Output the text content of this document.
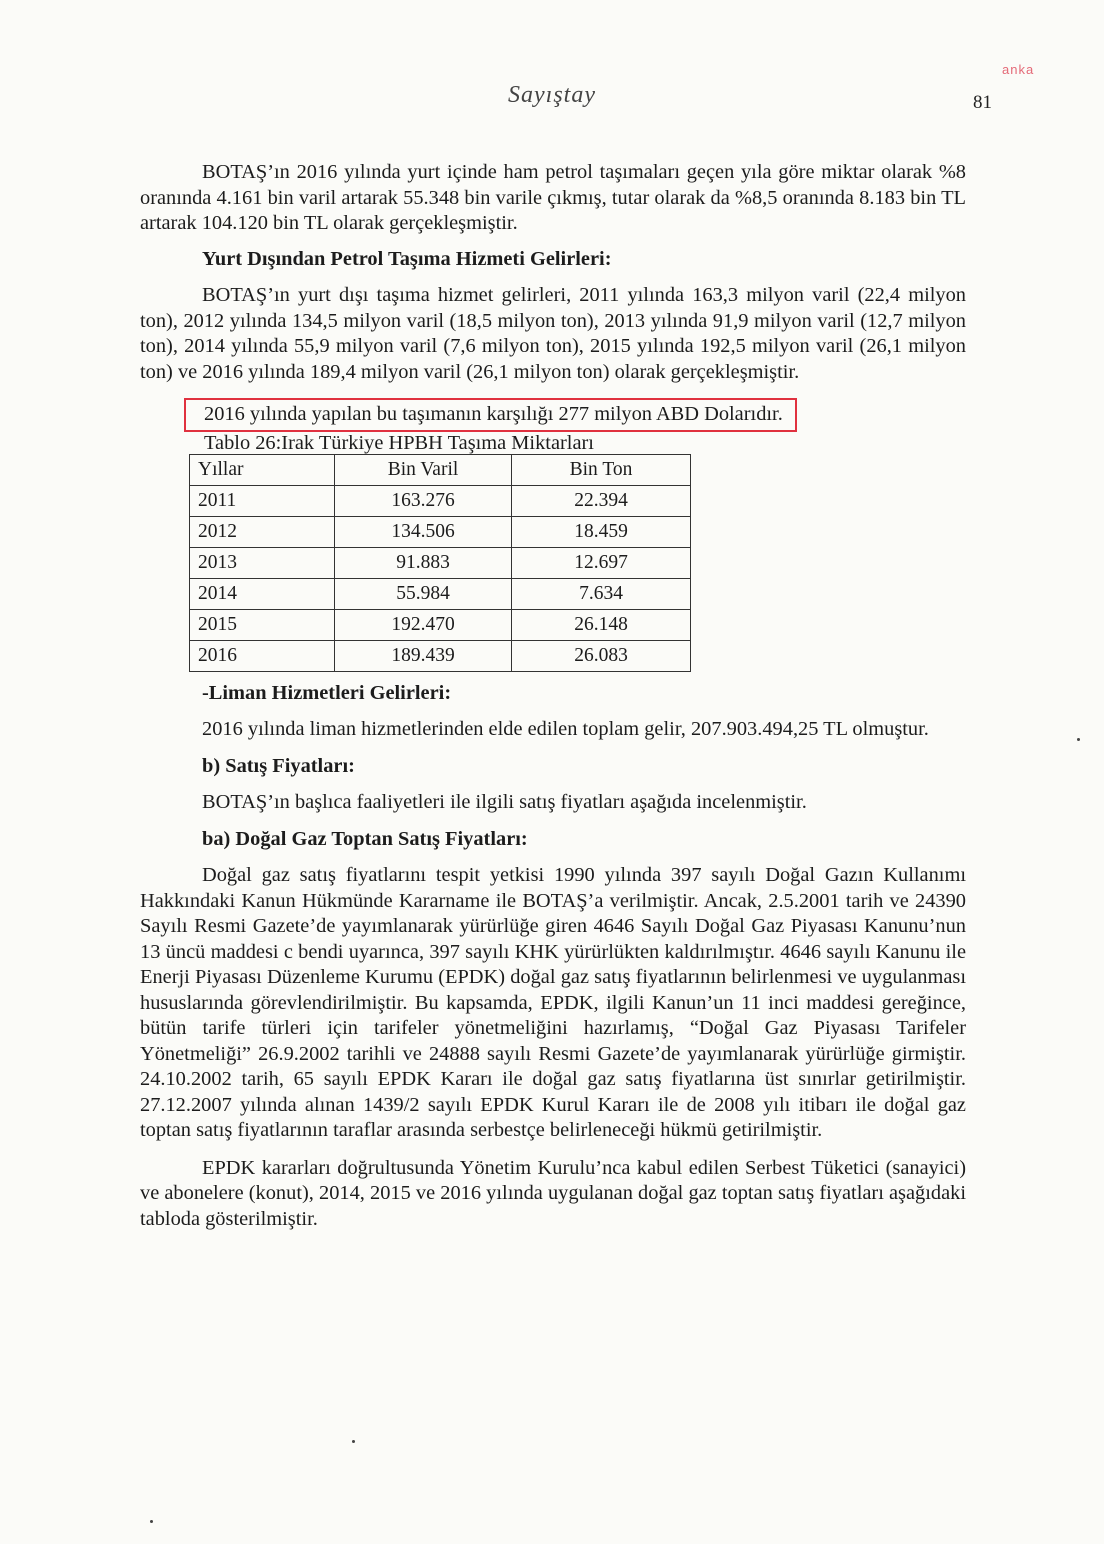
anka
Sayıştay	81

BOTAŞ’ın 2016 yılında yurt içinde ham petrol taşımaları geçen yıla göre miktar olarak %8 oranında 4.161 bin varil artarak 55.348 bin varile çıkmış, tutar olarak da %8,5 oranında 8.183 bin TL artarak 104.120 bin TL olarak gerçekleşmiştir.

Yurt Dışından Petrol Taşıma Hizmeti Gelirleri:

BOTAŞ’ın yurt dışı taşıma hizmet gelirleri, 2011 yılında 163,3 milyon varil (22,4 milyon ton), 2012 yılında 134,5 milyon varil (18,5 milyon ton), 2013 yılında 91,9 milyon varil (12,7 milyon ton), 2014 yılında 55,9 milyon varil (7,6 milyon ton), 2015 yılında 192,5 milyon varil (26,1 milyon ton) ve 2016 yılında 189,4 milyon varil (26,1 milyon ton) olarak gerçekleşmiştir.

2016 yılında yapılan bu taşımanın karşılığı 277 milyon ABD Dolarıdır.

Tablo 26:Irak Türkiye HPBH Taşıma Miktarları

Yıllar	Bin Varil	Bin Ton
2011	163.276	22.394
2012	134.506	18.459
2013	91.883	12.697
2014	55.984	7.634
2015	192.470	26.148
2016	189.439	26.083

-Liman Hizmetleri Gelirleri:

2016 yılında liman hizmetlerinden elde edilen toplam gelir, 207.903.494,25 TL olmuştur.

b) Satış Fiyatları:

BOTAŞ’ın başlıca faaliyetleri ile ilgili satış fiyatları aşağıda incelenmiştir.

ba) Doğal Gaz Toptan Satış Fiyatları:

Doğal gaz satış fiyatlarını tespit yetkisi 1990 yılında 397 sayılı Doğal Gazın Kullanımı Hakkındaki Kanun Hükmünde Kararname ile BOTAŞ’a verilmiştir. Ancak, 2.5.2001 tarih ve 24390 Sayılı Resmi Gazete’de yayımlanarak yürürlüğe giren 4646 Sayılı Doğal Gaz Piyasası Kanunu’nun 13 üncü maddesi c bendi uyarınca, 397 sayılı KHK yürürlükten kaldırılmıştır. 4646 sayılı Kanunu ile Enerji Piyasası Düzenleme Kurumu (EPDK) doğal gaz satış fiyatlarının belirlenmesi ve uygulanması hususlarında görevlendirilmiştir. Bu kapsamda, EPDK, ilgili Kanun’un 11 inci maddesi gereğince, bütün tarife türleri için tarifeler yönetmeliğini hazırlamış, “Doğal Gaz Piyasası Tarifeler Yönetmeliği” 26.9.2002 tarihli ve 24888 sayılı Resmi Gazete’de yayımlanarak yürürlüğe girmiştir. 24.10.2002 tarih, 65 sayılı EPDK Kararı ile doğal gaz satış fiyatlarına üst sınırlar getirilmiştir. 27.12.2007 yılında alınan 1439/2 sayılı EPDK Kurul Kararı ile de 2008 yılı itibarı ile doğal gaz toptan satış fiyatlarının taraflar arasında serbestçe belirleneceği hükmü getirilmiştir.

EPDK kararları doğrultusunda Yönetim Kurulu’nca kabul edilen Serbest Tüketici (sanayici) ve abonelere (konut), 2014, 2015 ve 2016 yılında uygulanan doğal gaz toptan satış fiyatları aşağıdaki tabloda gösterilmiştir.
